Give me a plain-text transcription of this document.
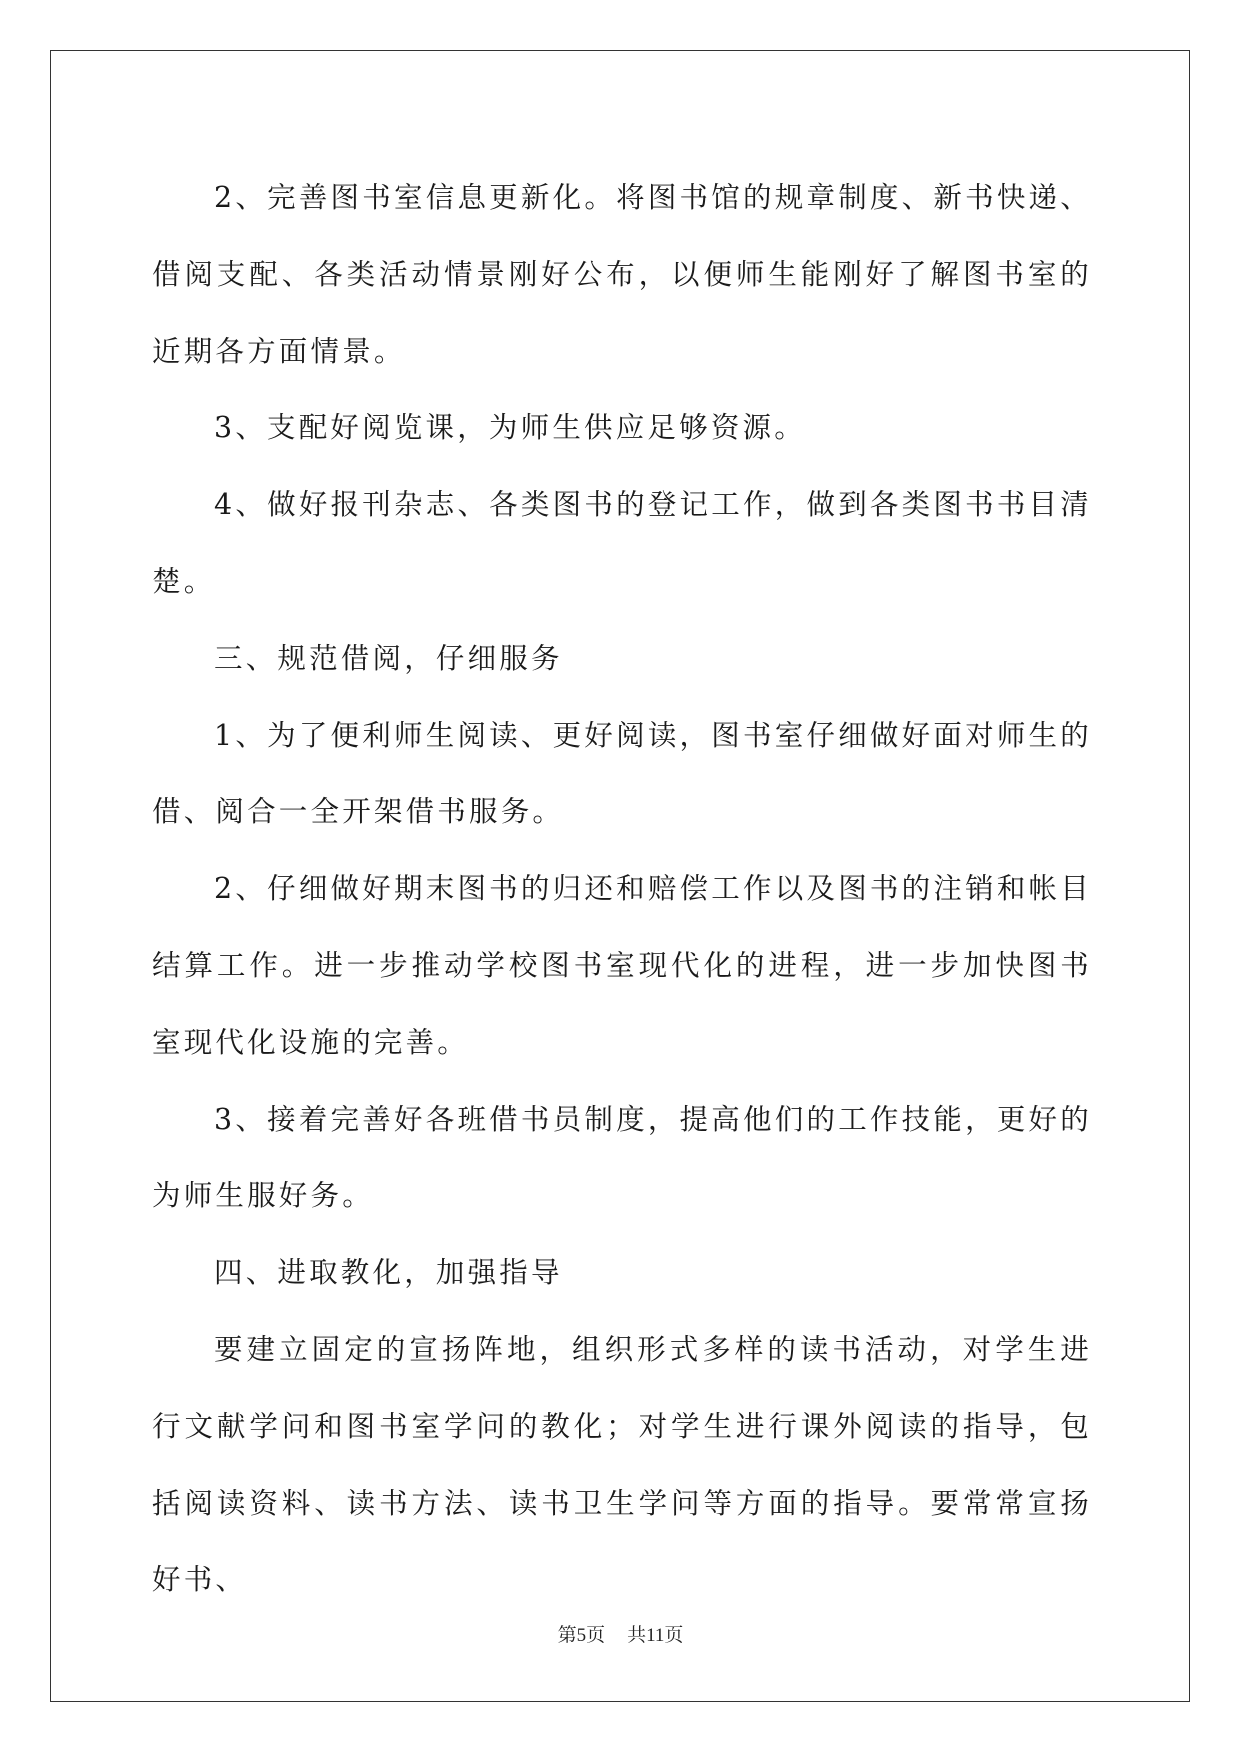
2、完善图书室信息更新化。将图书馆的规章制度、新书快递、借阅支配、各类活动情景刚好公布，以便师生能刚好了解图书室的近期各方面情景。

3、支配好阅览课，为师生供应足够资源。

4、做好报刊杂志、各类图书的登记工作，做到各类图书书目清楚。

三、规范借阅，仔细服务

1、为了便利师生阅读、更好阅读，图书室仔细做好面对师生的借、阅合一全开架借书服务。

2、仔细做好期末图书的归还和赔偿工作以及图书的注销和帐目结算工作。进一步推动学校图书室现代化的进程，进一步加快图书室现代化设施的完善。

3、接着完善好各班借书员制度，提高他们的工作技能，更好的为师生服好务。

四、进取教化，加强指导

要建立固定的宣扬阵地，组织形式多样的读书活动，对学生进行文献学问和图书室学问的教化；对学生进行课外阅读的指导，包括阅读资料、读书方法、读书卫生学问等方面的指导。要常常宣扬好书、

第5页 共11页
